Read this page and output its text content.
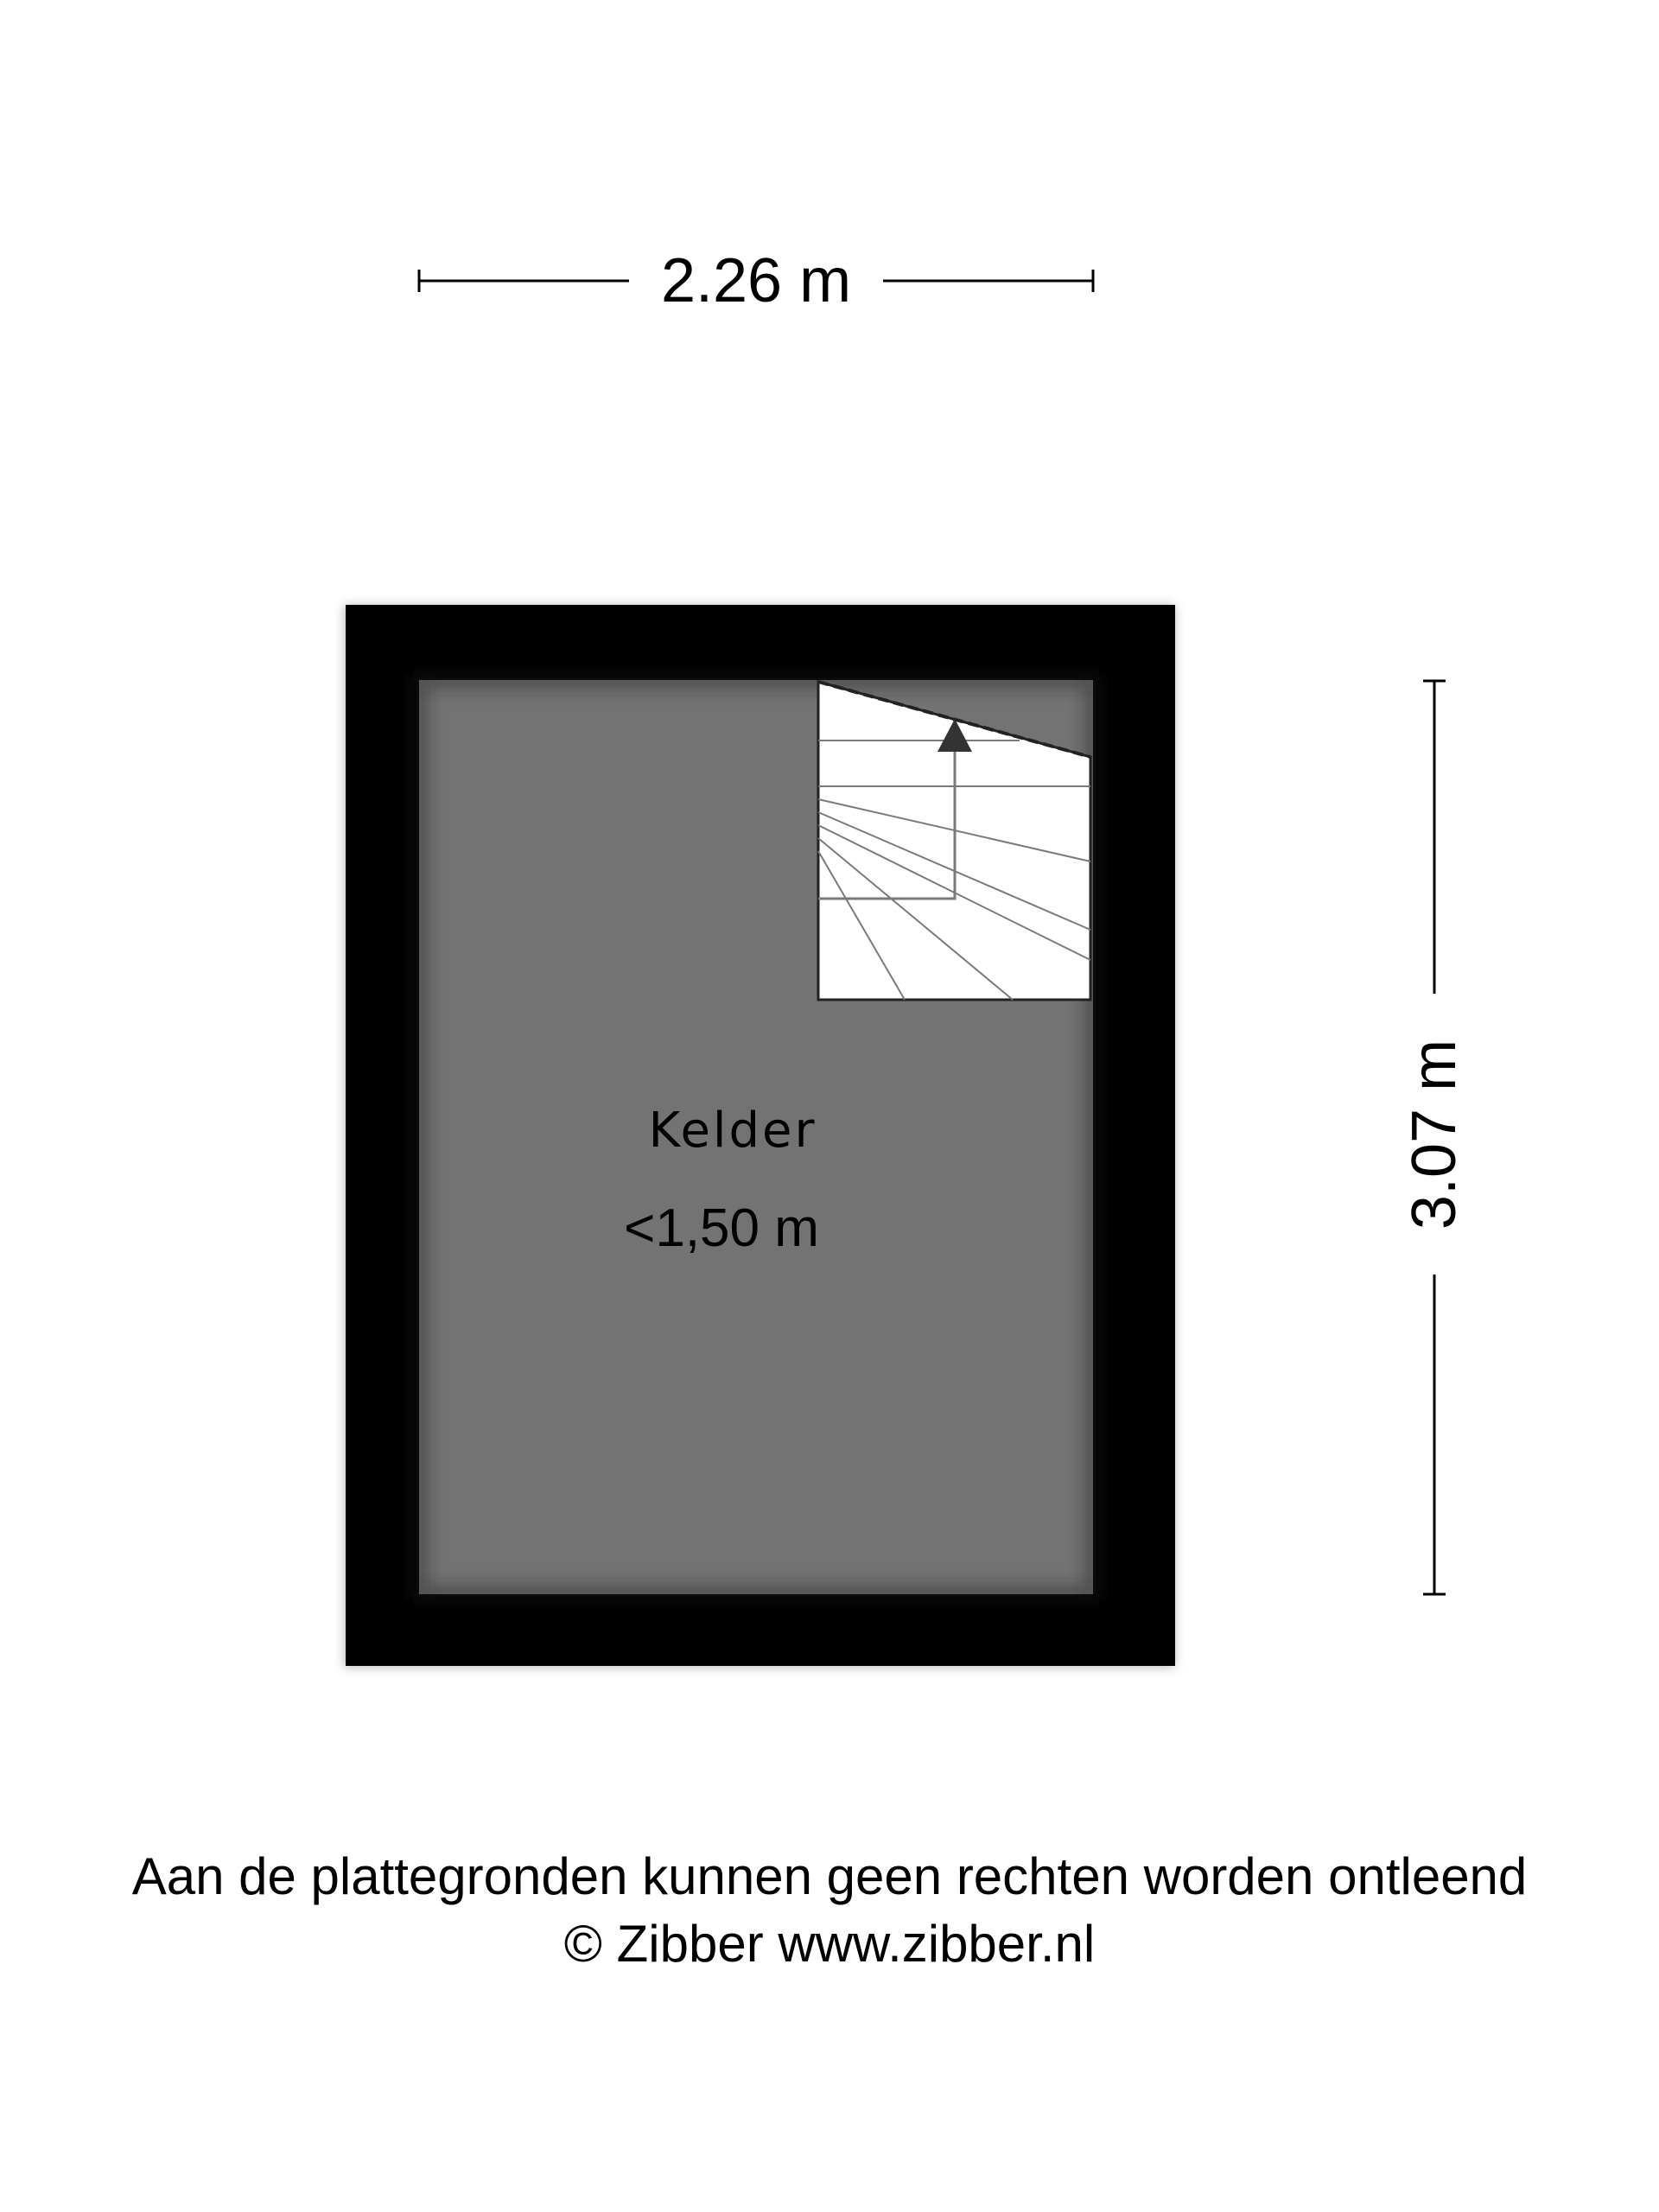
2.26 m
3.07 m
Kelder
<1,50 m
Aan de plattegronden kunnen geen rechten worden ontleend
© Zibber www.zibber.nl
